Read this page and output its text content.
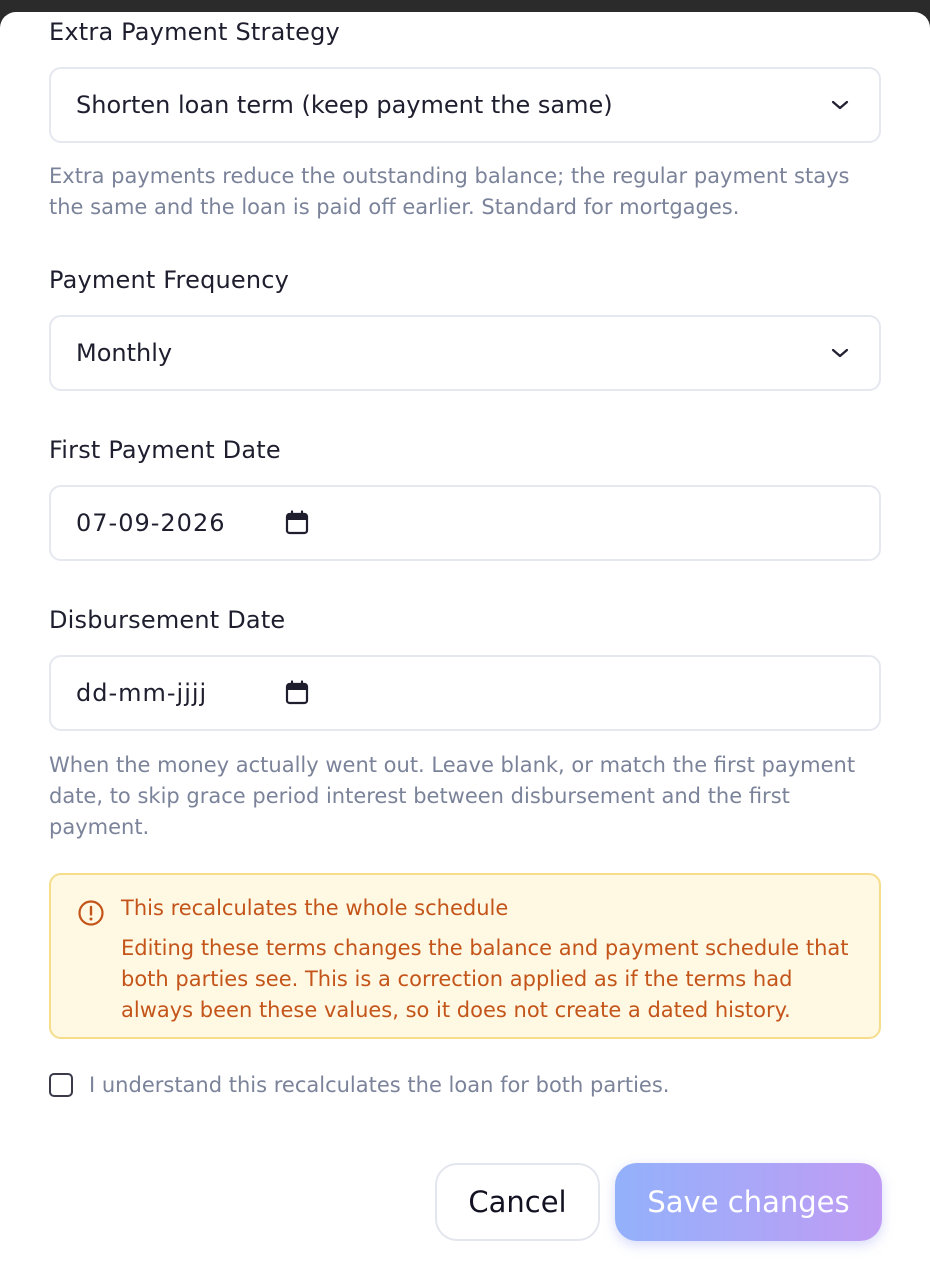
Extra Payment Strategy
Shorten loan term (keep payment the same)
Extra payments reduce the outstanding balance; the regular payment stays the same and the loan is paid off earlier. Standard for mortgages.
Payment Frequency
Monthly
First Payment Date
07-09-2026
Disbursement Date
dd-mm-jjjj
When the money actually went out. Leave blank, or match the first payment date, to skip grace period interest between disbursement and the first payment.
This recalculates the whole schedule
Editing these terms changes the balance and payment schedule that both parties see. This is a correction applied as if the terms had always been these values, so it does not create a dated history.
I understand this recalculates the loan for both parties.
Cancel	Save changes
